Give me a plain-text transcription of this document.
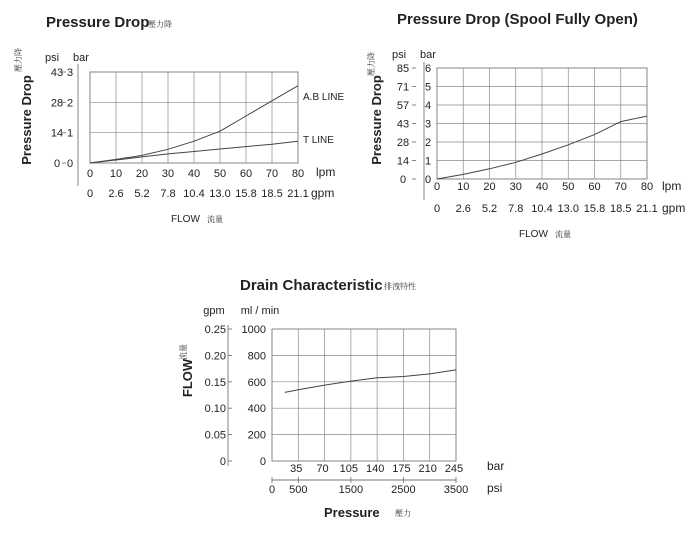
Pressure Drop
壓力降
Pressure Drop
壓力降 psi bar
43 3
28 2
14 1
0 0
0
0
10
2.6
20
5.2
30
7.8
40
10.4
50
13.0
60
15.8
70
18.5
80
21.1
A.B LINE
T LINE
lpm
gpm
FLOW 流量
Pressure Drop (Spool Fully Open)
Pressure Drop
壓力降 psi bar
85 6
71 5
57 4
43 3
28 2
14 1
0 0
0
0
10
2.6
20
5.2
30
7.8
40
10.4
50
13.0
60
15.8
70
18.5
80
21.1
lpm
gpm
FLOW 流量
Drain Characteristic 排洩特性
FLOW
流量
gpm ml / min
0.25 1000
0.20 800
0.15 600
0.10 400
0.05 200
0	0
35 70 105 140 175 210 245
0 500	1500	2500	3500
bar
psi
Pressure 壓力
